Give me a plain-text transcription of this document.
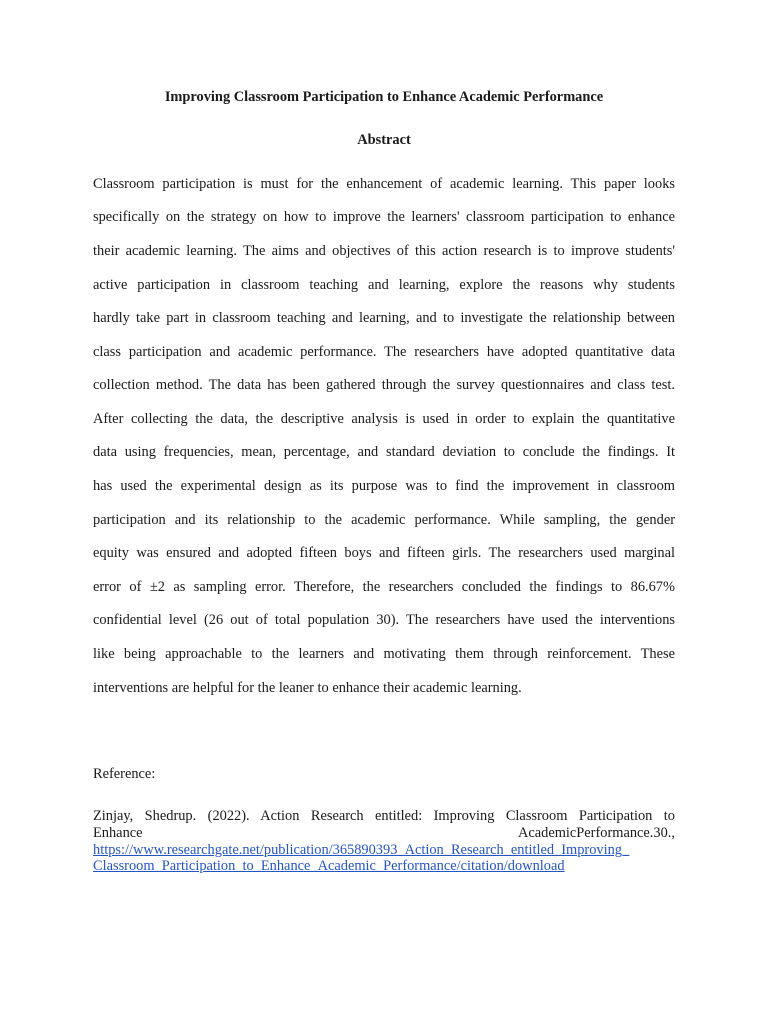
Improving Classroom Participation to Enhance Academic Performance
Abstract
Classroom participation is must for the enhancement of academic learning. This paper looks
specifically on the strategy on how to improve the learners' classroom participation to enhance
their academic learning. The aims and objectives of this action research is to improve students'
active participation in classroom teaching and learning, explore the reasons why students
hardly take part in classroom teaching and learning, and to investigate the relationship between
class participation and academic performance. The researchers have adopted quantitative data
collection method. The data has been gathered through the survey questionnaires and class test.
After collecting the data, the descriptive analysis is used in order to explain the quantitative
data using frequencies, mean, percentage, and standard deviation to conclude the findings. It
has used the experimental design as its purpose was to find the improvement in classroom
participation and its relationship to the academic performance. While sampling, the gender
equity was ensured and adopted fifteen boys and fifteen girls. The researchers used marginal
error of ±2 as sampling error. Therefore, the researchers concluded the findings to 86.67%
confidential level (26 out of total population 30). The researchers have used the interventions
like being approachable to the learners and motivating them through reinforcement. These
interventions are helpful for the leaner to enhance their academic learning.
Reference:
Zinjay, Shedrup. (2022). Action Research entitled: Improving Classroom Participation to
Enhance AcademicPerformance.30.,
https://www.researchgate.net/publication/365890393_Action_Research_entitled_Improving_
Classroom_Participation_to_Enhance_Academic_Performance/citation/download
